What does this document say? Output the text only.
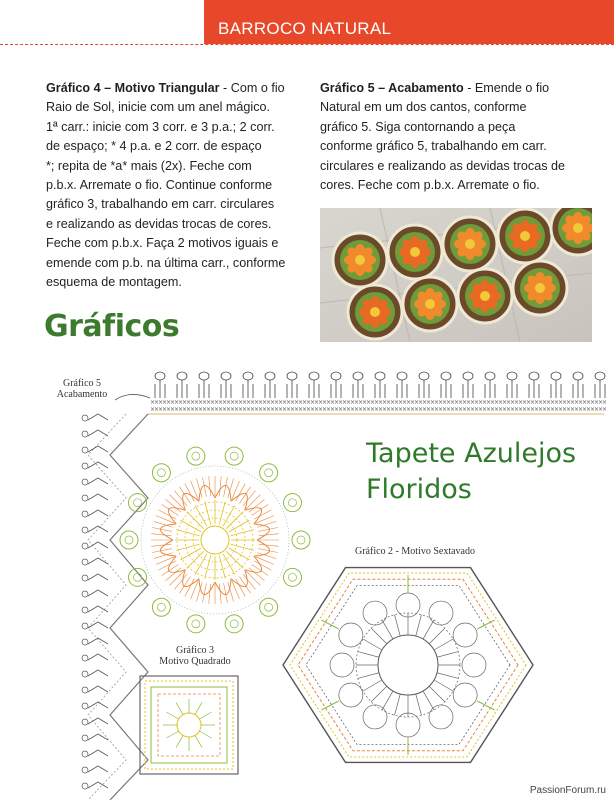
BARROCO NATURAL
Gráfico 4 – Motivo Triangular - Com o fio
Raio de Sol, inicie com um anel mágico.
1ª carr.: inicie com 3 corr. e 3 p.a.; 2 corr.
de espaço; * 4 p.a. e 2 corr. de espaço
*; repita de *a* mais (2x). Feche com
p.b.x. Arremate o fio. Continue conforme
gráfico 3, trabalhando em carr. circulares
e realizando as devidas trocas de cores.
Feche com p.b.x. Faça 2 motivos iguais e
emende com p.b. na última carr., conforme
esquema de montagem.
Gráfico 5 – Acabamento - Emende o fio
Natural em um dos cantos, conforme
gráfico 5. Siga contornando a peça
conforme gráfico 5, trabalhando em carr.
circulares e realizando as devidas trocas de
cores. Feche com p.b.x. Arremate o fio.
Gráficos
Tapete Azulejos
Floridos
Gráfico 5
Acabamento
Gráfico 2 - Motivo Sextavado
Gráfico 3
Motivo Quadrado
×
×
×
×
×
×
×
×
×
×
×
×
×
×
×
×
×
×
×
×
×
×
×
×
×
×
×
×
×
×
×
×
×
×
×
×
×
×
×
×
×
×
×
×
×
×
×
×
×
×
×
×
×
×
×
×
×
×
×
×
×
×
×
×
×
×
×
×
×
×
×
×
×
×
×
×
×
×
×
×
×
×
×
×
×
×
×
×
×
×
×
×
×
×
×
×
×
×
×
×
×
×
×
×
×
×
×
×
×
×
×
×
×
×
×
×
×
×
×
×
×
×
×
×
×
×
×
×
×
×
×
×
×
×
×
×
×
×
×
×
×
×
×
×
×
×
×
×
×
×
×
×
×
×
×
×
×
×
×
×
×
×
×
×
×
×
×
×
×
×
×
×
×
×
×
×
×
×
×
×
×
×
×
×
×
×
×
×
×
×
×
×
×
×
×
×
×
×
×
×
×
×
×
×
×
×
×
×
×
×
×
×
×
×
×
×
×
×
×
×
×
×
×
×
×
×
×
×
PassionForum.ru
